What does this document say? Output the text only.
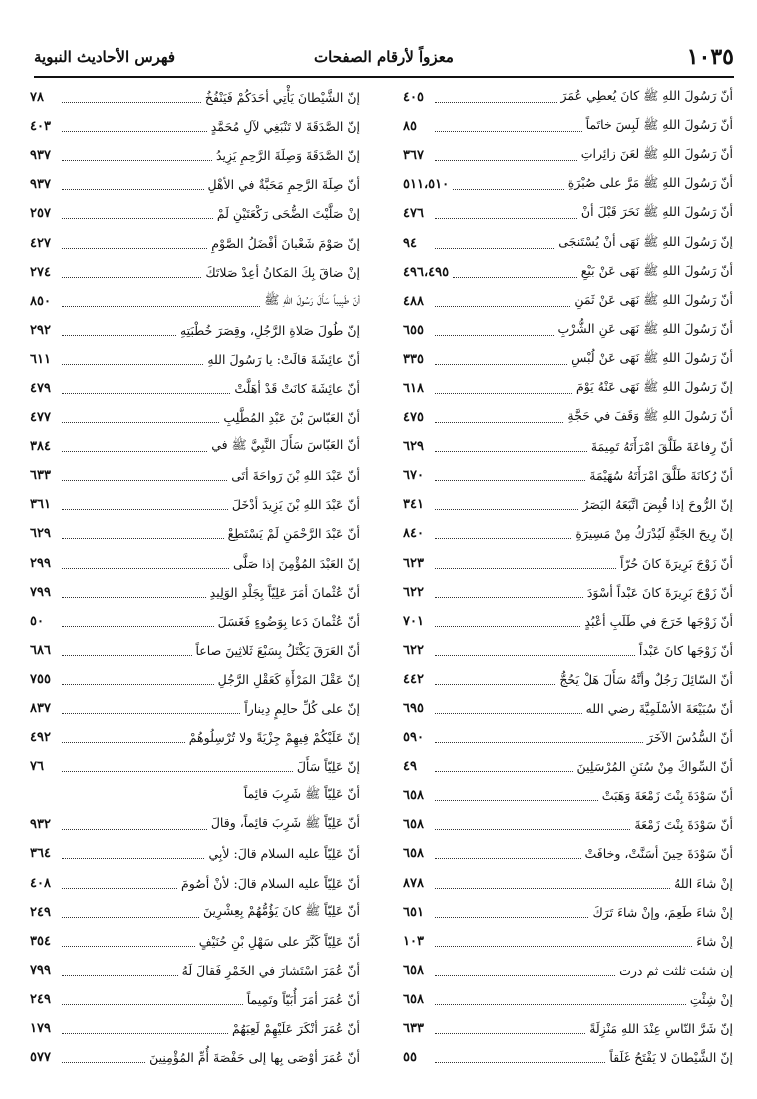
١٠٣٥
معزواً لأرقام الصفحات
فهرس الأحاديث النبوية
أنّ رَسُولَ اللهِ ﷺ كانَ يُعطِي عُمَرَ
٤٠٥
أنّ رَسُولَ اللهِ ﷺ لَبِسَ خاتَماً
٨٥
أنّ رَسُولَ اللهِ ﷺ لعَنَ زائِراتِ
٣٦٧
أنّ رَسُولَ اللهِ ﷺ مَرَّ على صُبْرَةِ
٥١١،٥١٠
أنّ رَسُولَ اللهِ ﷺ نَحَرَ قَبْلَ أنْ
٤٧٦
إنّ رَسُولَ اللهِ ﷺ نَهَى أنْ يُسْتَنجَى
٩٤
أنّ رَسُولَ اللهِ ﷺ نَهَى عَنْ بَيْعِ
٤٩٦،٤٩٥
أنّ رَسُولَ اللهِ ﷺ نَهَى عَنْ ثَمَنِ
٤٨٨
أنّ رَسُولَ اللهِ ﷺ نَهَى عَنِ الشُّرْبِ
٦٥٥
أنّ رَسُولَ اللهِ ﷺ نَهَى عَنْ لُبْسِ
٣٣٥
إنّ رَسُولَ اللهِ ﷺ نَهَى عَنْهُ يَوْمَ
٦١٨
أنّ رَسُولَ اللهِ ﷺ وَقَفَ في حَجَّةِ
٤٧٥
أنّ رِفاعَةَ طَلَّقَ امْرَأَتَهُ تَمِيمَةَ
٦٢٩
أنّ رُكانَةَ طَلَّقَ امْرَأَتَهُ سُهَيْمَةَ
٦٧٠
إنّ الرُّوحَ إذا قُبِضَ اتَّبَعَهُ البَصَرُ
٣٤١
إنّ رِيحَ الجَنَّةِ لَيُدْرَكُ مِنْ مَسِيرَةِ
٨٤٠
أنّ زَوْجَ بَرِيرَةَ كانَ حُرّاً
٦٢٣
أنّ زَوْجَ بَرِيرَةَ كانَ عَبْداً أسْوَدَ
٦٢٢
أنّ زَوْجَها خَرَجَ في طَلَبِ أعْبُدٍ
٧٠١
أنّ زَوْجَها كانَ عَبْداً
٦٢٢
أنّ السّائِلَ رَجُلٌ وأنَّهُ سَأَلَ هَلْ يَحُجُّ
٤٤٢
أنّ سُبَيْعَةَ الأسْلَمِيَّةَ رضي الله
٦٩٥
أنّ السُّدُسَ الآخَرَ
٥٩٠
أنّ السِّواكَ مِنْ سُنَنِ المُرْسَلِينَ
٤٩
أنّ سَوْدَةَ بِنْتَ زَمْعَةَ وَهَبَتْ
٦٥٨
أنّ سَوْدَةَ بِنْتَ زَمْعَةَ
٦٥٨
أنّ سَوْدَةَ حِينَ أسَنَّتْ، وخافَتْ
٦٥٨
إنْ شاءَ اللهُ
٨٧٨
إنْ شاءَ طَعِمَ، وإنْ شاءَ تَرَكَ
٦٥١
إنْ شاءَ
١٠٣
إن شئت ثلثت ثم درت
٦٥٨
إنْ شِئْتِ
٦٥٨
إنّ شَرَّ النّاسِ عِنْدَ اللهِ مَنْزِلَةً
٦٣٣
إنّ الشَّيْطانَ لا يَفْتَحُ غَلَقاً
٥٥
إنّ الشَّيْطانَ يَأْتِي أحَدَكُمْ فَيَنْفُخُ
٧٨
إنّ الصَّدَقَةَ لا تَنْبَغِي لآلِ مُحَمَّدٍ
٤٠٣
إنّ الصَّدَقَةَ وَصِلَةَ الرَّحِمِ يَزِيدُ
٩٣٧
أنّ صِلَةَ الرَّحِمِ مَحَبَّةٌ في الأهْلِ
٩٣٧
إنْ صَلَّيْتَ الضُّحَى رَكْعَتَيْنِ لَمْ
٢٥٧
إنّ صَوْمَ شَعْبانَ أفْضَلُ الصَّوْمِ
٤٢٧
إنْ ضاقَ بِكَ المَكانُ أعِدْ صَلاتَكَ
٢٧٤
أنّ طَبِيباً سَأَلَ رَسُولَ اللهِ ﷺ
٨٥٠
إنّ طُولَ صَلاةِ الرَّجُلِ، وقِصَرَ خُطْبَتِهِ
٢٩٢
أنّ عائِشَةَ قالَتْ: يا رَسُولَ اللهِ
٦١١
أنّ عائِشَةَ كانَتْ قَدْ أهَلَّتْ
٤٧٩
أنّ العَبّاسَ بْنَ عَبْدِ المُطَّلِبِ
٤٧٧
أنّ العَبّاسَ سَأَلَ النَّبِيَّ ﷺ في
٣٨٤
أنّ عَبْدَ اللهِ بْنَ رَواحَةَ أتَى
٦٣٣
أنّ عَبْدَ اللهِ بْنَ يَزِيدَ أدْخَلَ
٣٦١
أنّ عَبْدَ الرَّحْمَنِ لَمْ يَسْتَطِعْ
٦٢٩
إنّ العَبْدَ المُؤْمِنَ إذا صَلَّى
٢٩٩
أنّ عُثْمانَ أمَرَ عَلِيّاً بِجَلْدِ الوَلِيدِ
٧٩٩
أنّ عُثْمانَ دَعا بِوَضُوءٍ فَغَسَلَ
٥٠
أنّ العَرَقَ يَكْتَلُ بِسَبْعَ ثَلاثِينَ صاعاً
٦٨٦
إنّ عَقْلَ المَرْأَةِ كَعَقْلِ الرَّجُلِ
٧٥٥
إنّ على كُلِّ حالِمٍ دِيناراً
٨٣٧
إنّ عَلَيْكُمْ فِيهِمْ جِزْيَةً ولا تُرْسِلُوهُمْ
٤٩٢
إنّ عَلِيّاً سَأَلَ
٧٦
أنّ عَلِيّاً ﷺ شَرِبَ قائِماً
أنّ عَلِيّاً ﷺ شَرِبَ قائِماً، وقالَ
٩٣٢
أنّ عَلِيّاً عليه السلام قالَ: لأبِي
٣٦٤
أنّ عَلِيّاً عليه السلام قالَ: لأنْ أصُومَ
٤٠٨
أنّ عَلِيّاً ﷺ كانَ يَؤُمُّهُمْ بِعِشْرِينَ
٢٤٩
أنّ عَلِيّاً كَبَّرَ على سَهْلِ بْنِ حُنَيْفٍ
٣٥٤
أنّ عُمَرَ اسْتَشارَ في الخَمْرِ فَقالَ لَهُ
٧٩٩
أنّ عُمَرَ أمَرَ أُبَيّاً وتَمِيماً
٢٤٩
أنّ عُمَرَ أنْكَرَ عَلَيْهِمْ لَعِبَهُمْ
١٧٩
أنّ عُمَرَ أوْصَى بِها إلى حَفْصَةَ أُمِّ المُؤْمِنِينَ
٥٧٧
